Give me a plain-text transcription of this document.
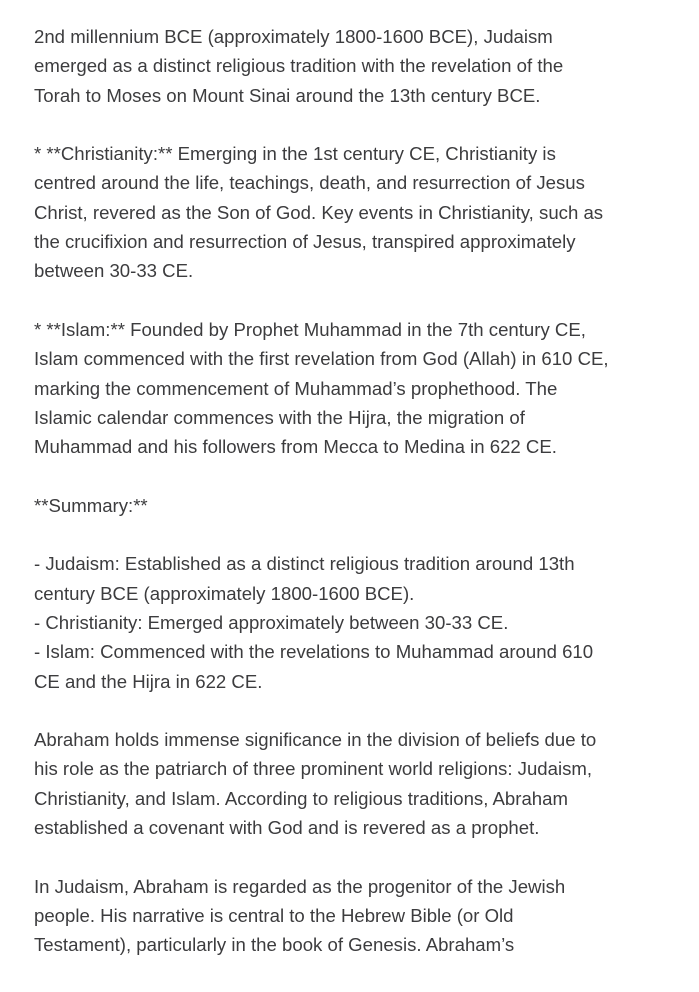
2nd millennium BCE (approximately 1800-1600 BCE), Judaism
emerged as a distinct religious tradition with the revelation of the
Torah to Moses on Mount Sinai around the 13th century BCE.

* **Christianity:** Emerging in the 1st century CE, Christianity is
centred around the life, teachings, death, and resurrection of Jesus
Christ, revered as the Son of God. Key events in Christianity, such as
the crucifixion and resurrection of Jesus, transpired approximately
between 30-33 CE.

* **Islam:** Founded by Prophet Muhammad in the 7th century CE,
Islam commenced with the first revelation from God (Allah) in 610 CE,
marking the commencement of Muhammad’s prophethood. The
Islamic calendar commences with the Hijra, the migration of
Muhammad and his followers from Mecca to Medina in 622 CE.

**Summary:**

- Judaism: Established as a distinct religious tradition around 13th
century BCE (approximately 1800-1600 BCE).
- Christianity: Emerged approximately between 30-33 CE.
- Islam: Commenced with the revelations to Muhammad around 610
CE and the Hijra in 622 CE.

Abraham holds immense significance in the division of beliefs due to
his role as the patriarch of three prominent world religions: Judaism,
Christianity, and Islam. According to religious traditions, Abraham
established a covenant with God and is revered as a prophet.

In Judaism, Abraham is regarded as the progenitor of the Jewish
people. His narrative is central to the Hebrew Bible (or Old
Testament), particularly in the book of Genesis. Abraham’s
